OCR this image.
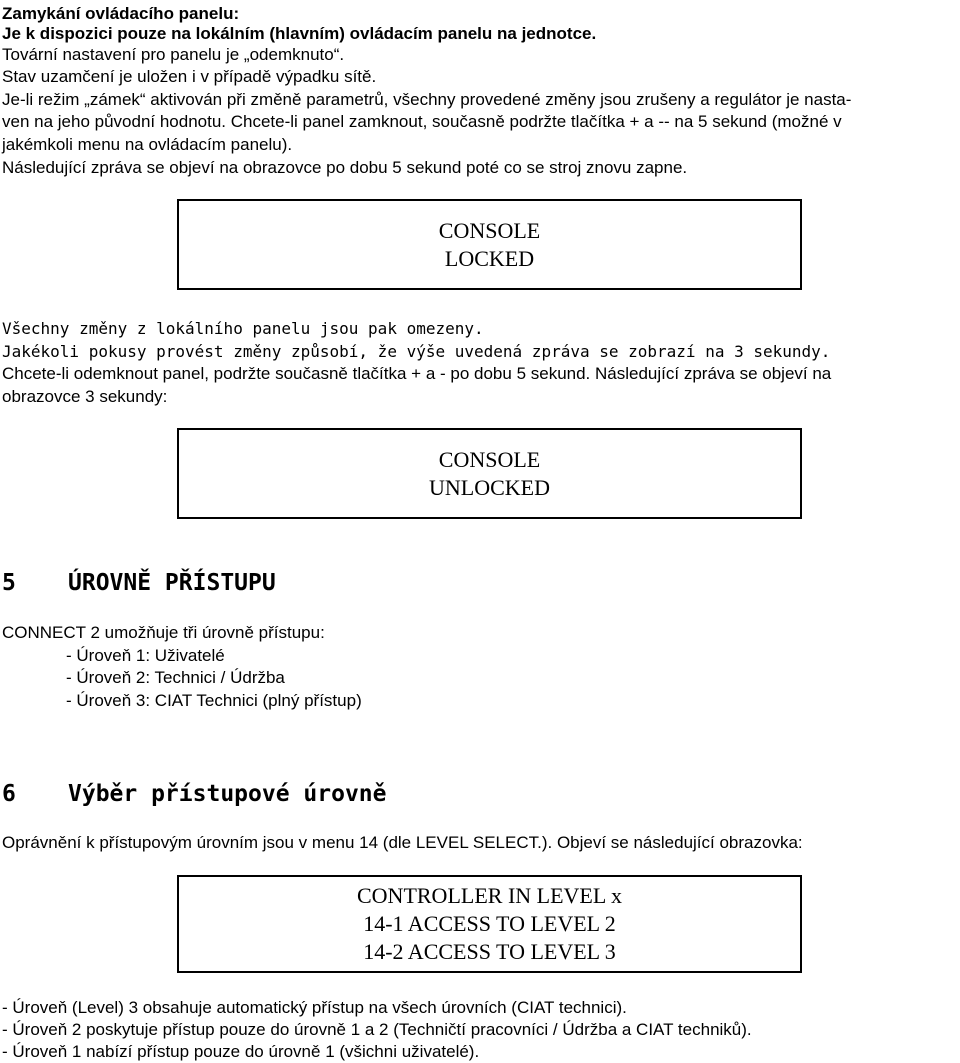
Zamykání ovládacího panelu:
Je k dispozici pouze na lokálním (hlavním) ovládacím panelu na jednotce.
Tovární nastavení pro panelu je „odemknuto“.
Stav uzamčení je uložen i v případě výpadku sítě.
Je-li režim „zámek“ aktivován při změně parametrů, všechny provedené změny jsou zrušeny a regulátor je nasta-
ven na jeho původní hodnotu. Chcete-li panel zamknout, současně podržte tlačítka + a -- na 5 sekund (možné v
jakémkoli menu na ovládacím panelu).
Následující zpráva se objeví na obrazovce po dobu 5 sekund poté co se stroj znovu zapne.
CONSOLE
LOCKED
Všechny změny z lokálního panelu jsou pak omezeny.
Jakékoli pokusy provést změny způsobí, že výše uvedená zpráva se zobrazí na 3 sekundy.
Chcete-li odemknout panel, podržte současně tlačítka + a - po dobu 5 sekund. Následující zpráva se objeví na
obrazovce 3 sekundy:
CONSOLE
UNLOCKED
5 ÚROVNĚ PŘÍSTUPU
CONNECT 2 umožňuje tři úrovně přístupu:
- Úroveň 1: Uživatelé
- Úroveň 2: Technici / Údržba
- Úroveň 3: CIAT Technici (plný přístup)
6 Výběr přístupové úrovně
Oprávnění k přístupovým úrovním jsou v menu 14 (dle LEVEL SELECT.). Objeví se následující obrazovka:
CONTROLLER IN LEVEL x
14-1 ACCESS TO LEVEL 2
14-2 ACCESS TO LEVEL 3
- Úroveň (Level) 3 obsahuje automatický přístup na všech úrovních (CIAT technici).
- Úroveň 2 poskytuje přístup pouze do úrovně 1 a 2 (Techničtí pracovníci / Údržba a CIAT techniků).
- Úroveň 1 nabízí přístup pouze do úrovně 1 (všichni uživatelé).
